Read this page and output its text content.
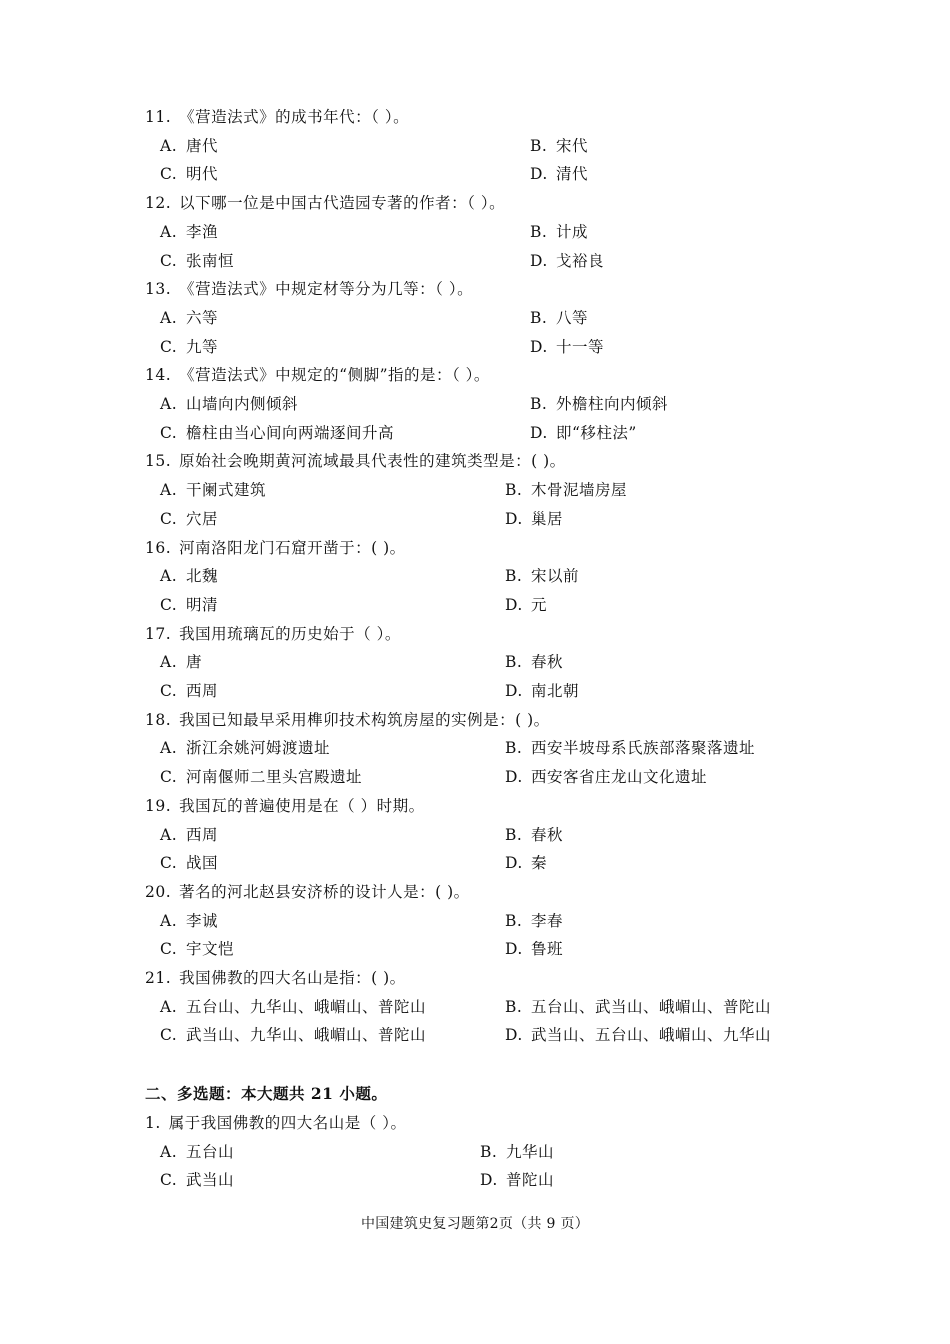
11. 《营造法式》的成书年代：（ ）。
A. 唐代	B. 宋代
C. 明代	D. 清代
12. 以下哪一位是中国古代造园专著的作者：（ ）。
A. 李渔	B. 计成
C. 张南恒	D. 戈裕良
13. 《营造法式》中规定材等分为几等：（ ）。
A. 六等	B. 八等
C. 九等	D. 十一等
14. 《营造法式》中规定的“侧脚”指的是：（ ）。
A. 山墙向内侧倾斜	B. 外檐柱向内倾斜
C. 檐柱由当心间向两端逐间升高	D. 即“移柱法”
15. 原始社会晚期黄河流域最具代表性的建筑类型是：( )。
A. 干阑式建筑	B. 木骨泥墙房屋
C. 穴居	D. 巢居
16. 河南洛阳龙门石窟开凿于：( )。
A. 北魏	B. 宋以前
C. 明清	D. 元
17. 我国用琉璃瓦的历史始于（ ）。
A. 唐	B. 春秋
C. 西周	D. 南北朝
18. 我国已知最早采用榫卯技术构筑房屋的实例是：( )。
A. 浙江余姚河姆渡遗址	B. 西安半坡母系氏族部落聚落遗址
C. 河南偃师二里头宫殿遗址	D. 西安客省庄龙山文化遗址
19. 我国瓦的普遍使用是在（ ）时期。
A. 西周	B. 春秋
C. 战国	D. 秦
20. 著名的河北赵县安济桥的设计人是：( )。
A. 李诚	B. 李春
C. 宇文恺	D. 鲁班
21. 我国佛教的四大名山是指：( )。
A. 五台山、九华山、峨嵋山、普陀山	B. 五台山、武当山、峨嵋山、普陀山
C. 武当山、九华山、峨嵋山、普陀山	D. 武当山、五台山、峨嵋山、九华山
二、多选题：本大题共 21 小题。
1. 属于我国佛教的四大名山是（ ）。
A. 五台山	B. 九华山
C. 武当山	D. 普陀山
中国建筑史复习题第2页（共 9 页）
